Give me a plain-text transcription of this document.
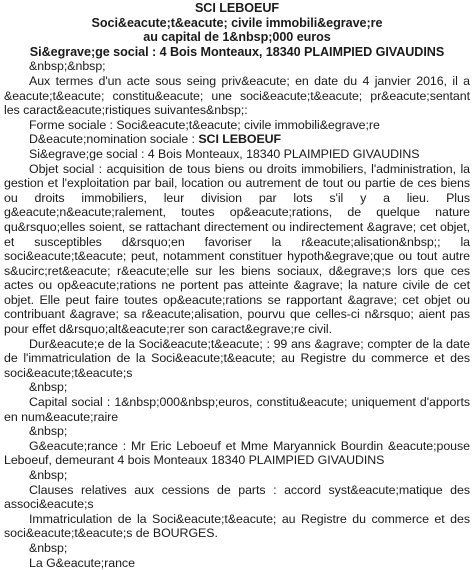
SCI LEBOEUF
Soci&eacute;t&eacute; civile immobili&egrave;re
au capital de 1&nbsp;000 euros
Si&egrave;ge social : 4 Bois Monteaux, 18340 PLAIMPIED GIVAUDINS
&nbsp;&nbsp;

Aux termes d'un acte sous seing priv&eacute; en date du 4 janvier 2016, il a &eacute;t&eacute; constitu&eacute; une soci&eacute;t&eacute; pr&eacute;sentant les caract&eacute;ristiques suivantes&nbsp;:

Forme sociale : Soci&eacute;t&eacute; civile immobili&egrave;re
D&eacute;nomination sociale : SCI LEBOEUF
Si&egrave;ge social : 4 Bois Monteaux, 18340 PLAIMPIED GIVAUDINS

Objet social : acquisition de tous biens ou droits immobiliers, l'administration, la gestion et l'exploitation par bail, location ou autrement de tout ou partie de ces biens ou droits immobiliers, leur division par lots s'il y a lieu. Plus g&eacute;n&eacute;ralement, toutes op&eacute;rations, de quelque nature qu&rsquo;elles soient, se rattachant directement ou indirectement &agrave; cet objet, et susceptibles d&rsquo;en favoriser la r&eacute;alisation&nbsp;; la soci&eacute;t&eacute; peut, notamment constituer hypoth&egrave;que ou tout autre s&ucirc;ret&eacute; r&eacute;elle sur les biens sociaux, d&egrave;s lors que ces actes ou op&eacute;rations ne portent pas atteinte &agrave; la nature civile de cet objet. Elle peut faire toutes op&eacute;rations se rapportant &agrave; cet objet ou contribuant &agrave; sa r&eacute;alisation, pourvu que celles-ci n&rsquo; aient pas pour effet d&rsquo;alt&eacute;rer son caract&egrave;re civil.

Dur&eacute;e de la Soci&eacute;t&eacute; : 99 ans &agrave; compter de la date de l'immatriculation de la Soci&eacute;t&eacute; au Registre du commerce et des soci&eacute;t&eacute;s

&nbsp;

Capital social : 1&nbsp;000&nbsp;euros, constitu&eacute; uniquement d'apports en num&eacute;raire

&nbsp;

G&eacute;rance : Mr Eric Leboeuf et Mme Maryannick Bourdin &eacute;pouse Leboeuf, demeurant 4 bois Monteaux 18340 PLAIMPIED GIVAUDINS

&nbsp;

Clauses relatives aux cessions de parts : accord syst&eacute;matique des associ&eacute;s

Immatriculation de la Soci&eacute;t&eacute; au Registre du commerce et des soci&eacute;t&eacute;s de BOURGES.

&nbsp;
La G&eacute;rance
